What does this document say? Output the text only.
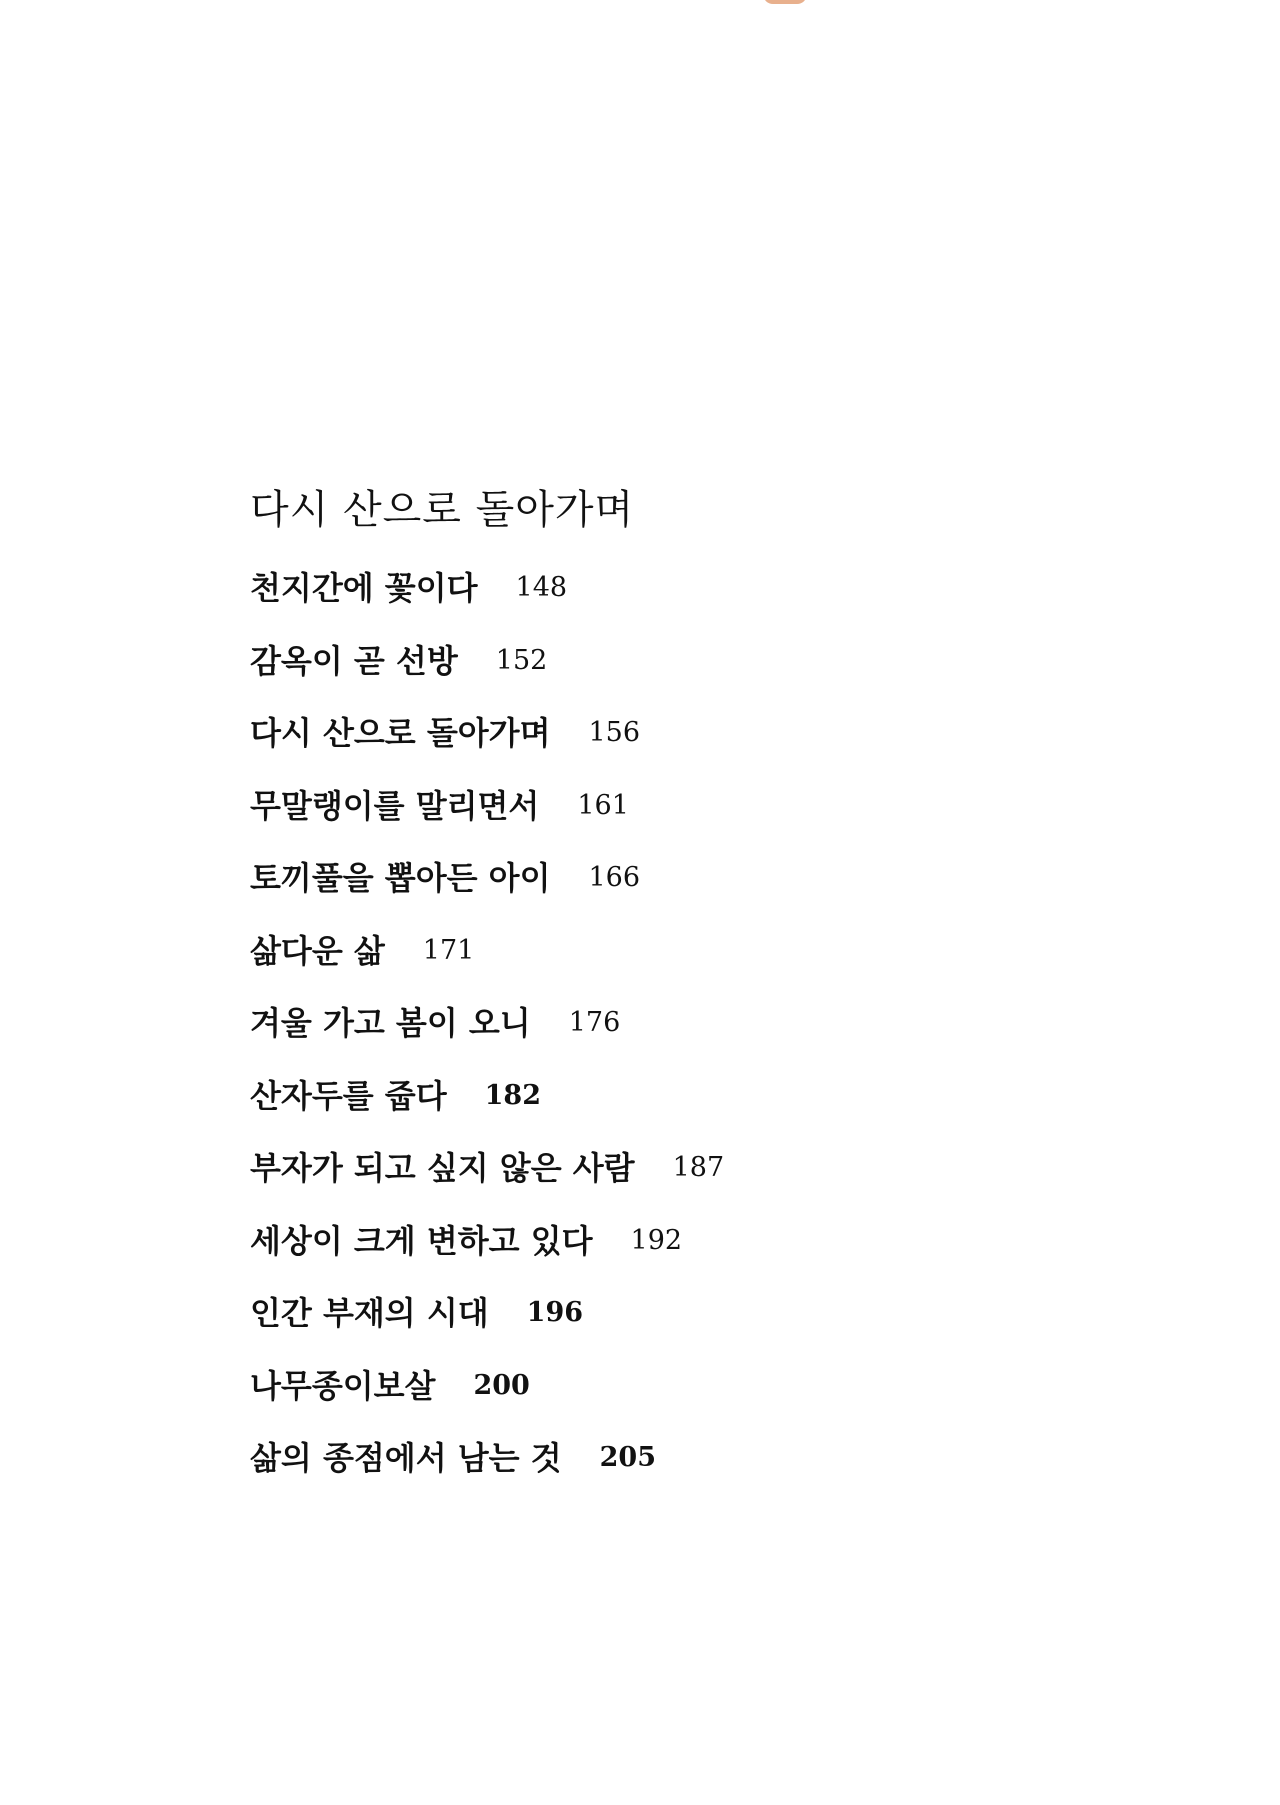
다시 산으로 돌아가며
천지간에 꽃이다 148
감옥이 곧 선방 152
다시 산으로 돌아가며 156
무말랭이를 말리면서 161
토끼풀을 뽑아든 아이 166
삶다운 삶 171
겨울 가고 봄이 오니 176
산자두를 줍다 182
부자가 되고 싶지 않은 사람 187
세상이 크게 변하고 있다 192
인간 부재의 시대 196
나무종이보살 200
삶의 종점에서 남는 것 205
